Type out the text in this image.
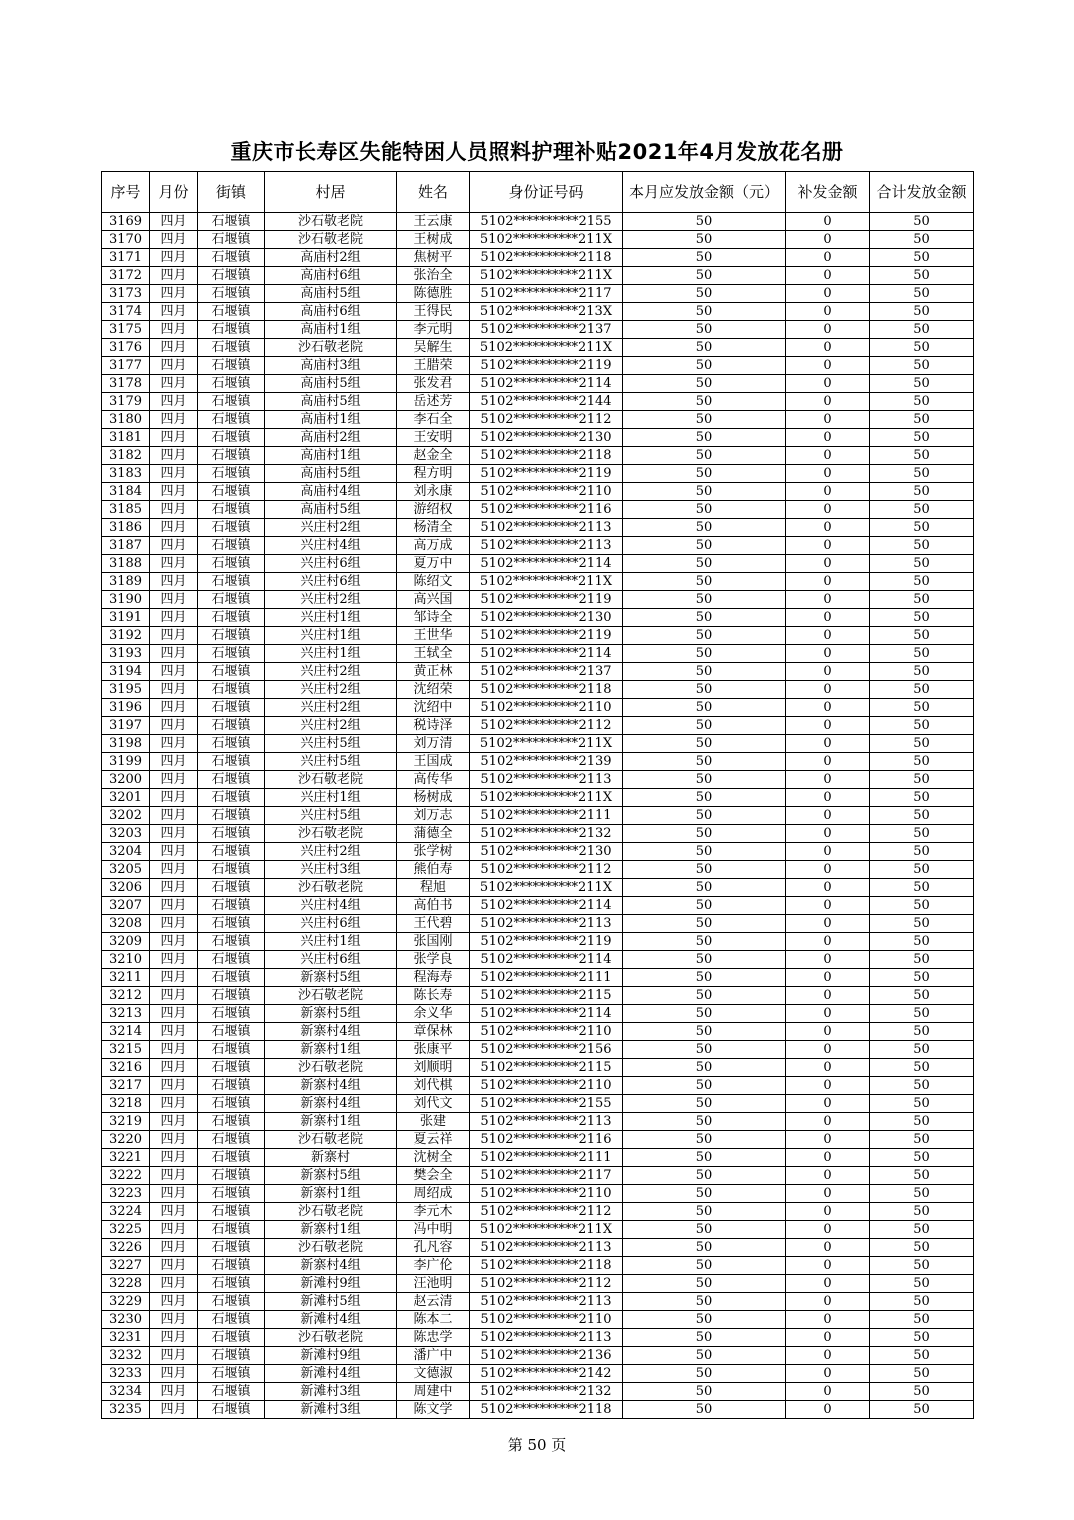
重庆市长寿区失能特困人员照料护理补贴2021年4月发放花名册
序号	月份	街镇	村居	姓名	身份证号码	本月应发放金额（元）	补发金额	合计发放金额
3169	四月	石堰镇	沙石敬老院	王云康	5102**********2155	50	0	50
3170	四月	石堰镇	沙石敬老院	王树成	5102**********211X	50	0	50
3171	四月	石堰镇	高庙村2组	焦树平	5102**********2118	50	0	50
3172	四月	石堰镇	高庙村6组	张治全	5102**********211X	50	0	50
3173	四月	石堰镇	高庙村5组	陈德胜	5102**********2117	50	0	50
3174	四月	石堰镇	高庙村6组	王得民	5102**********213X	50	0	50
3175	四月	石堰镇	高庙村1组	李元明	5102**********2137	50	0	50
3176	四月	石堰镇	沙石敬老院	吴解生	5102**********211X	50	0	50
3177	四月	石堰镇	高庙村3组	王腊荣	5102**********2119	50	0	50
3178	四月	石堰镇	高庙村5组	张发君	5102**********2114	50	0	50
3179	四月	石堰镇	高庙村5组	岳述芳	5102**********2144	50	0	50
3180	四月	石堰镇	高庙村1组	李石全	5102**********2112	50	0	50
3181	四月	石堰镇	高庙村2组	王安明	5102**********2130	50	0	50
3182	四月	石堰镇	高庙村1组	赵金全	5102**********2118	50	0	50
3183	四月	石堰镇	高庙村5组	程方明	5102**********2119	50	0	50
3184	四月	石堰镇	高庙村4组	刘永康	5102**********2110	50	0	50
3185	四月	石堰镇	高庙村5组	游绍权	5102**********2116	50	0	50
3186	四月	石堰镇	兴庄村2组	杨清全	5102**********2113	50	0	50
3187	四月	石堰镇	兴庄村4组	高万成	5102**********2113	50	0	50
3188	四月	石堰镇	兴庄村6组	夏万中	5102**********2114	50	0	50
3189	四月	石堰镇	兴庄村6组	陈绍文	5102**********211X	50	0	50
3190	四月	石堰镇	兴庄村2组	高兴国	5102**********2119	50	0	50
3191	四月	石堰镇	兴庄村1组	邹诗全	5102**********2130	50	0	50
3192	四月	石堰镇	兴庄村1组	王世华	5102**********2119	50	0	50
3193	四月	石堰镇	兴庄村1组	王轼全	5102**********2114	50	0	50
3194	四月	石堰镇	兴庄村2组	黄正林	5102**********2137	50	0	50
3195	四月	石堰镇	兴庄村2组	沈绍荣	5102**********2118	50	0	50
3196	四月	石堰镇	兴庄村2组	沈绍中	5102**********2110	50	0	50
3197	四月	石堰镇	兴庄村2组	税诗泽	5102**********2112	50	0	50
3198	四月	石堰镇	兴庄村5组	刘万清	5102**********211X	50	0	50
3199	四月	石堰镇	兴庄村5组	王国成	5102**********2139	50	0	50
3200	四月	石堰镇	沙石敬老院	高传华	5102**********2113	50	0	50
3201	四月	石堰镇	兴庄村1组	杨树成	5102**********211X	50	0	50
3202	四月	石堰镇	兴庄村5组	刘万志	5102**********2111	50	0	50
3203	四月	石堰镇	沙石敬老院	蒲德全	5102**********2132	50	0	50
3204	四月	石堰镇	兴庄村2组	张学树	5102**********2130	50	0	50
3205	四月	石堰镇	兴庄村3组	熊伯寿	5102**********2112	50	0	50
3206	四月	石堰镇	沙石敬老院	程旭	5102**********211X	50	0	50
3207	四月	石堰镇	兴庄村4组	高伯书	5102**********2114	50	0	50
3208	四月	石堰镇	兴庄村6组	王代碧	5102**********2113	50	0	50
3209	四月	石堰镇	兴庄村1组	张国刚	5102**********2119	50	0	50
3210	四月	石堰镇	兴庄村6组	张学良	5102**********2114	50	0	50
3211	四月	石堰镇	新寨村5组	程海寿	5102**********2111	50	0	50
3212	四月	石堰镇	沙石敬老院	陈长寿	5102**********2115	50	0	50
3213	四月	石堰镇	新寨村5组	余义华	5102**********2114	50	0	50
3214	四月	石堰镇	新寨村4组	章保林	5102**********2110	50	0	50
3215	四月	石堰镇	新寨村1组	张康平	5102**********2156	50	0	50
3216	四月	石堰镇	沙石敬老院	刘顺明	5102**********2115	50	0	50
3217	四月	石堰镇	新寨村4组	刘代棋	5102**********2110	50	0	50
3218	四月	石堰镇	新寨村4组	刘代文	5102**********2155	50	0	50
3219	四月	石堰镇	新寨村1组	张建	5102**********2113	50	0	50
3220	四月	石堰镇	沙石敬老院	夏云祥	5102**********2116	50	0	50
3221	四月	石堰镇	新寨村	沈树全	5102**********2111	50	0	50
3222	四月	石堰镇	新寨村5组	樊会全	5102**********2117	50	0	50
3223	四月	石堰镇	新寨村1组	周绍成	5102**********2110	50	0	50
3224	四月	石堰镇	沙石敬老院	李元木	5102**********2112	50	0	50
3225	四月	石堰镇	新寨村1组	冯中明	5102**********211X	50	0	50
3226	四月	石堰镇	沙石敬老院	孔凡容	5102**********2113	50	0	50
3227	四月	石堰镇	新寨村4组	李广伦	5102**********2118	50	0	50
3228	四月	石堰镇	新滩村9组	汪池明	5102**********2112	50	0	50
3229	四月	石堰镇	新滩村5组	赵云清	5102**********2113	50	0	50
3230	四月	石堰镇	新滩村4组	陈本二	5102**********2110	50	0	50
3231	四月	石堰镇	沙石敬老院	陈忠学	5102**********2113	50	0	50
3232	四月	石堰镇	新滩村9组	潘广中	5102**********2136	50	0	50
3233	四月	石堰镇	新滩村4组	文德淑	5102**********2142	50	0	50
3234	四月	石堰镇	新滩村3组	周建中	5102**********2132	50	0	50
3235	四月	石堰镇	新滩村3组	陈文学	5102**********2118	50	0	50
第 50 页
